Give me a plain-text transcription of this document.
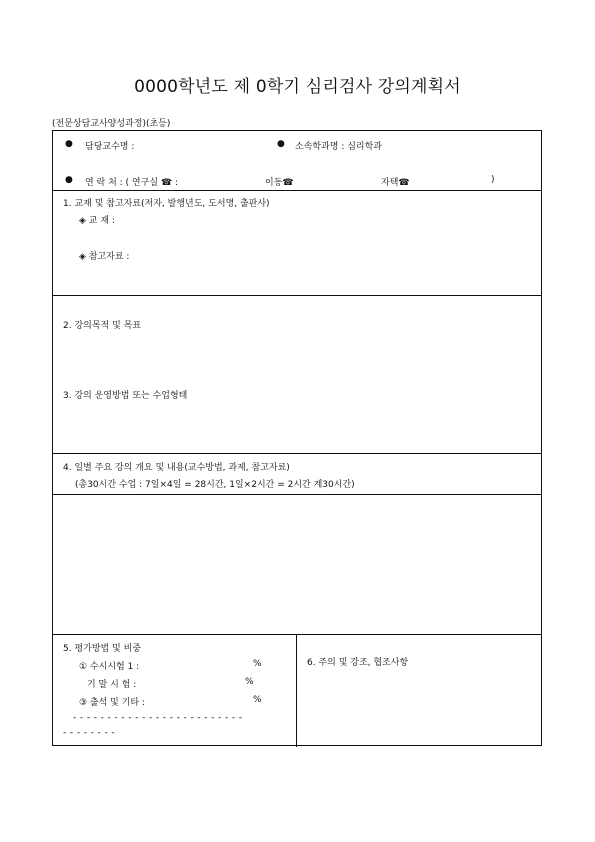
0000학년도 제 0학기 심리검사 강의계획서
(전문상담교사양성과정)(초등)
● 담당교수명 :	● 소속학과명 : 심리학과
● 연 락 처 : ( 연구실 ☎ :	이동☎	자택☎	)
1. 교재 및 참고자료(저자, 발행년도, 도서명, 출판사)
◈ 교 재 :
◈ 참고자료 :
2. 강의목적 및 목표
3. 강의 운영방법 또는 수업형태
4. 일별 주요 강의 개요 및 내용(교수방법, 과제, 참고자료)
(총30시간 수업 : 7일×4일 = 28시간, 1일×2시간 = 2시간 계30시간)
5. 평가방법 및 비중
① 수시시험 1 :	%
기 말 시 험 :	%
③ 출석 및 기타 :	%
- - - - - - - - - - - - - - - - - - - - - - - - -
- - - - - - - -
6. 주의 및 강조, 협조사항
